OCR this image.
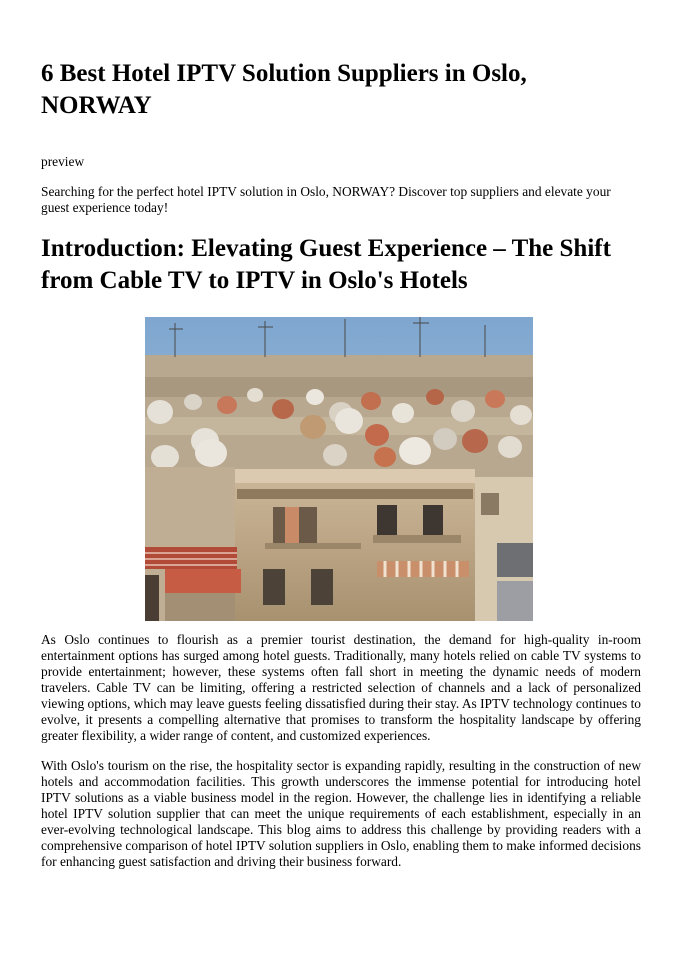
6 Best Hotel IPTV Solution Suppliers in Oslo, NORWAY

preview

Searching for the perfect hotel IPTV solution in Oslo, NORWAY? Discover top suppliers and elevate your guest experience today!

Introduction: Elevating Guest Experience – The Shift from Cable TV to IPTV in Oslo's Hotels

As Oslo continues to flourish as a premier tourist destination, the demand for high-quality in-room entertainment options has surged among hotel guests. Traditionally, many hotels relied on cable TV systems to provide entertainment; however, these systems often fall short in meeting the dynamic needs of modern travelers. Cable TV can be limiting, offering a restricted selection of channels and a lack of personalized viewing options, which may leave guests feeling dissatisfied during their stay. As IPTV technology continues to evolve, it presents a compelling alternative that promises to transform the hospitality landscape by offering greater flexibility, a wider range of content, and customized experiences.

With Oslo's tourism on the rise, the hospitality sector is expanding rapidly, resulting in the construction of new hotels and accommodation facilities. This growth underscores the immense potential for introducing hotel IPTV solutions as a viable business model in the region. However, the challenge lies in identifying a reliable hotel IPTV solution supplier that can meet the unique requirements of each establishment, especially in an ever-evolving technological landscape. This blog aims to address this challenge by providing readers with a comprehensive comparison of hotel IPTV solution suppliers in Oslo, enabling them to make informed decisions for enhancing guest satisfaction and driving their business forward.
